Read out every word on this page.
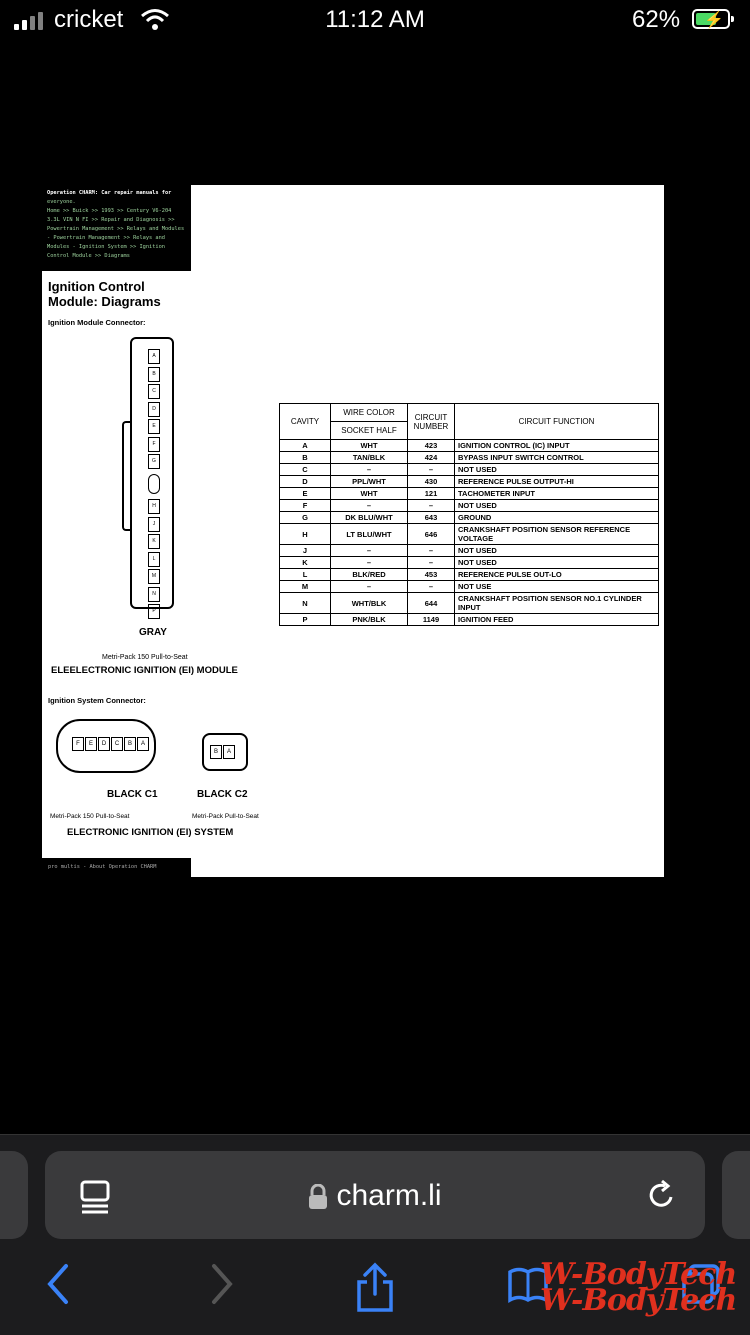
cricket	11:12 AM	62% ⚡
Operation CHARM: Car repair manuals for
everyone.
Home >> Buick >> 1993 >> Century V6-204
3.3L VIN N FI >> Repair and Diagnosis >>
Powertrain Management >> Relays and Modules
- Powertrain Management >> Relays and
Modules - Ignition System >> Ignition
Control Module >> Diagrams
Ignition Control Module: Diagrams
Ignition Module Connector:
A
B
C
D
E
F
G
H
J
K
L
M
N
P
GRAY
Metri-Pack 150 Pull-to-Seat
ELEELECTRONIC IGNITION (EI) MODULE
Ignition System Connector:
F	E	D	C	B	A
B	A
BLACK C1	BLACK C2
Metri-Pack 150 Pull-to-Seat	Metri-Pack Pull-to-Seat
ELECTRONIC IGNITION (EI) SYSTEM
CAVITY	WIRE COLOR	CIRCUIT NUMBER	CIRCUIT FUNCTION
	SOCKET HALF		
A	WHT	423	IGNITION CONTROL (IC) INPUT
B	TAN/BLK	424	BYPASS INPUT SWITCH CONTROL
C	–	–	NOT USED
D	PPL/WHT	430	REFERENCE PULSE OUTPUT-HI
E	WHT	121	TACHOMETER INPUT
F	–	–	NOT USED
G	DK BLU/WHT	643	GROUND
H	LT BLU/WHT	646	CRANKSHAFT POSITION SENSOR REFERENCE VOLTAGE
J	–	–	NOT USED
K	–	–	NOT USED
L	BLK/RED	453	REFERENCE PULSE OUT-LO
M	–	–	NOT USE
N	WHT/BLK	644	CRANKSHAFT POSITION SENSOR NO.1 CYLINDER INPUT
P	PNK/BLK	1149	IGNITION FEED
pro multis - About Operation CHARM
charm.li
W-BodyTech
W-BodyTech
